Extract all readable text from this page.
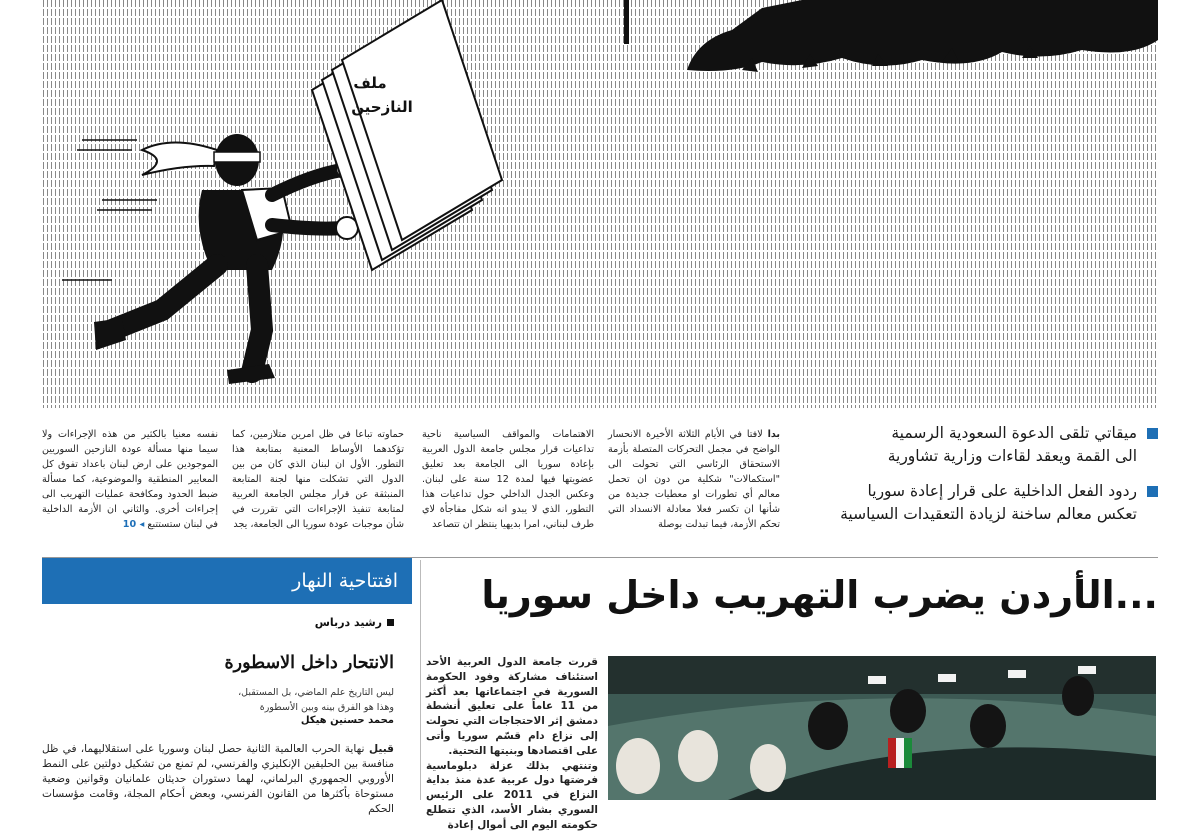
ملف
النازحين
بدا لافتا في الأيام الثلاثة الأخيرة الانحسار الواضح في مجمل التحركات المتصلة بأزمة الاستحقاق الرئاسي التي تحولت الى "استكمالات" شكلية من دون ان تحمل معالم أي تطورات او معطيات جديدة من شأنها ان تكسر فعلا معادلة الانسداد التي تحكم الأزمة، فيما تبدلت بوصلة
الاهتمامات والمواقف السياسية ناحية تداعيات قرار مجلس جامعة الدول العربية بإعادة سوريا الى الجامعة بعد تعليق عضويتها فيها لمدة 12 سنة على لبنان. وعكس الجدل الداخلي حول تداعيات هذا التطور، الذي لا يبدو انه شكل مفاجأة لاي طرف لبناني، امرا بديهيا ينتظر ان تتصاعد
حماوته تباعا في ظل امرين متلازمين، كما تؤكدهما الأوساط المعنية بمتابعة هذا التطور. الأول ان لبنان الذي كان من بين الدول التي تشكلت منها لجنة المتابعة المنبثقة عن قرار مجلس الجامعة العربية لمتابعة تنفيذ الإجراءات التي تقررت في شأن موجبات عودة سوريا الى الجامعة، يجد
نفسه معنيا بالكثير من هذه الإجراءات ولا سيما منها مسألة عودة النازحين السوريين الموجودين على ارض لبنان باعداد تفوق كل المعايير المنطقية والموضوعية، كما مسألة ضبط الحدود ومكافحة عمليات التهريب الى إجراءات أخرى. والثاني ان الأزمة الداخلية في لبنان ستستتبع ◂ 10
ميقاتي تلقى الدعوة السعودية الرسمية
الى القمة ويعقد لقاءات وزارية تشاورية
ردود الفعل الداخلية على قرار إعادة سوريا
تعكس معالم ساخنة لزيادة التعقيدات السياسية
افتتاحية النهار
رشيد درباس
الانتحار داخل الاسطورة
ليس التاريخ علم الماضي، بل المستقبل،
وهذا هو الفرق بينه وبين الأسطورة
محمد حسنين هيكل
قبيل نهاية الحرب العالمية الثانية حصل لبنان وسوريا على استقلاليهما، في ظل منافسة بين الحليفين الإنكليزي والفرنسي، لم تمنع من تشكيل دولتين على النمط الأوروبي الجمهوري البرلماني، لهما دستوران حديثان علمانيان وقوانين وضعية مستوحاة بأكثرها من القانون الفرنسي، وبعض أحكام المجلة، وقامت مؤسسات الحكم
...الأردن يضرب التهريب داخل سوريا
قررت جامعة الدول العربية الأحد استئناف مشاركة وفود الحكومة السورية في اجتماعاتها بعد أكثر من 11 عاماً على تعليق أنشطة دمشق إثر الاحتجاجات التي تحولت إلى نزاع دام قسّم سوريا وأتى على اقتصادها وبنيتها التحتية.
وتنتهي بذلك عزلة دبلوماسية فرضتها دول عربية عدة منذ بداية النزاع في 2011 على الرئيس السوري بشار الأسد، الذي تتطلع حكومته اليوم الى أموال إعادة
